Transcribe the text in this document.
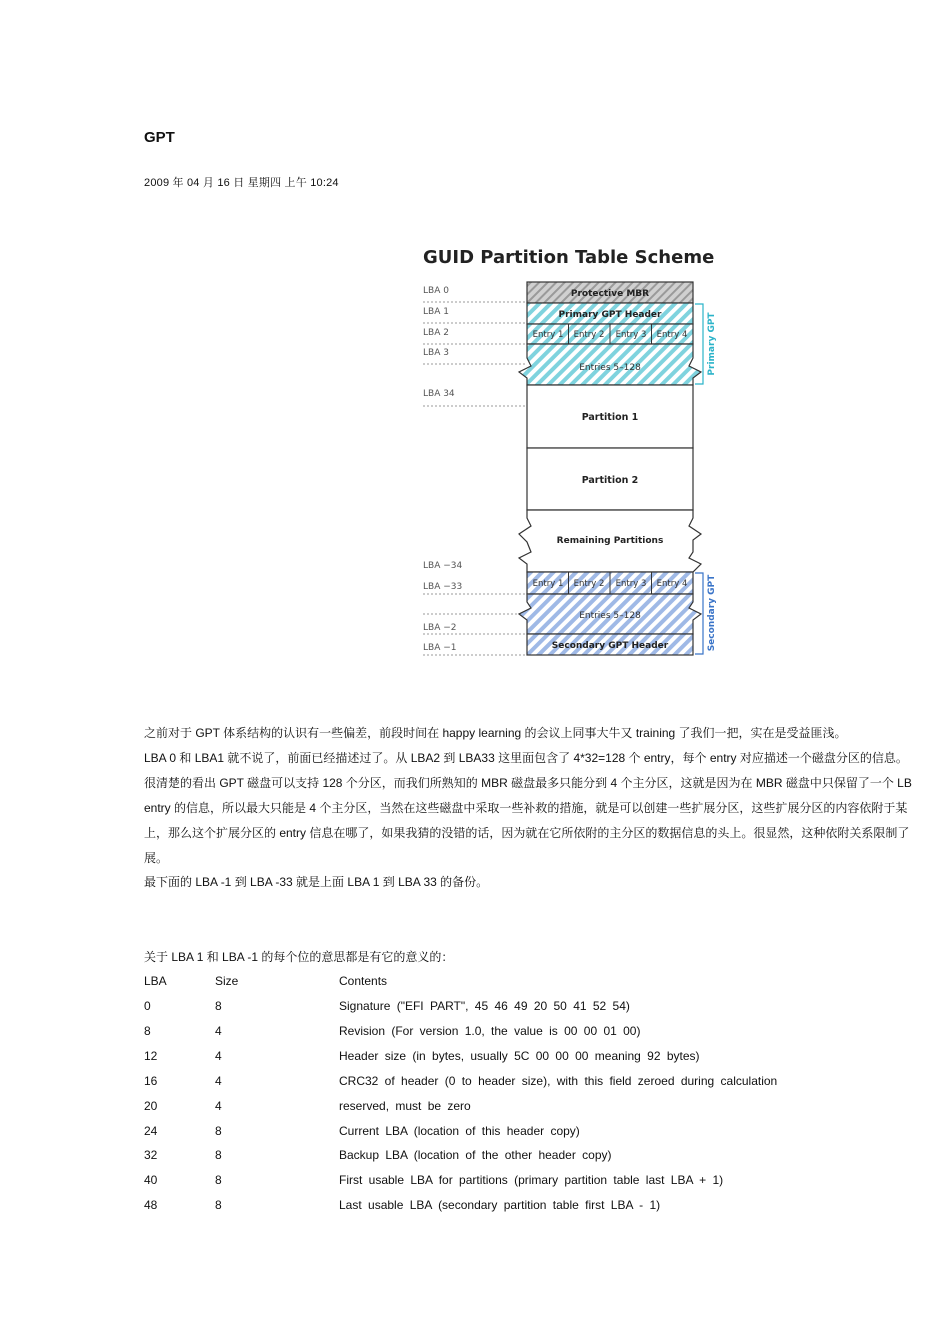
GPT
2009 年 04 月 16 日 星期四 上午 10:24
GUID Partition Table Scheme
LBA 0
LBA 1
LBA 2
LBA 3
LBA 34
LBA −34
LBA −33
LBA −2
LBA −1
Protective MBR
Primary GPT Header
Entry 1 Entry 2 Entry 3 Entry 4
Entries 5–128
Partition 1
Partition 2
Remaining Partitions
Entry 1 Entry 2 Entry 3 Entry 4
Entries 5–128
Secondary GPT Header
Primary GPT
Secondary GPT
之前对于 GPT 体系结构的认识有一些偏差，前段时间在 happy learning 的会议上同事大牛又 training 了我们一把，实在是受益匪浅。
LBA 0 和 LBA1 就不说了，前面已经描述过了。从 LBA2 到 LBA33 这里面包含了 4*32=128 个 entry，每个 entry 对应描述一个磁盘分区的信息。
很清楚的看出 GPT 磁盘可以支持 128 个分区，而我们所熟知的 MBR 磁盘最多只能分到 4 个主分区，这就是因为在 MBR 磁盘中只保留了一个 LB
entry 的信息，所以最大只能是 4 个主分区，当然在这些磁盘中采取一些补救的措施，就是可以创建一些扩展分区，这些扩展分区的内容依附于某
上，那么这个扩展分区的 entry 信息在哪了，如果我猜的没错的话，因为就在它所依附的主分区的数据信息的头上。很显然，这种依附关系限制了
展。
最下面的 LBA -1 到 LBA -33 就是上面 LBA 1 到 LBA 33 的备份。
关于 LBA 1 和 LBA -1 的每个位的意思都是有它的意义的：
LBA	Size	Contents
0	8	Signature ("EFI PART", 45 46 49 20 50 41 52 54)
8	4	Revision (For version 1.0, the value is 00 00 01 00)
12	4	Header size (in bytes, usually 5C 00 00 00 meaning 92 bytes)
16	4	CRC32 of header (0 to header size), with this field zeroed during calculation
20	4	reserved, must be zero
24	8	Current LBA (location of this header copy)
32	8	Backup LBA (location of the other header copy)
40	8	First usable LBA for partitions (primary partition table last LBA + 1)
48	8	Last usable LBA (secondary partition table first LBA - 1)
